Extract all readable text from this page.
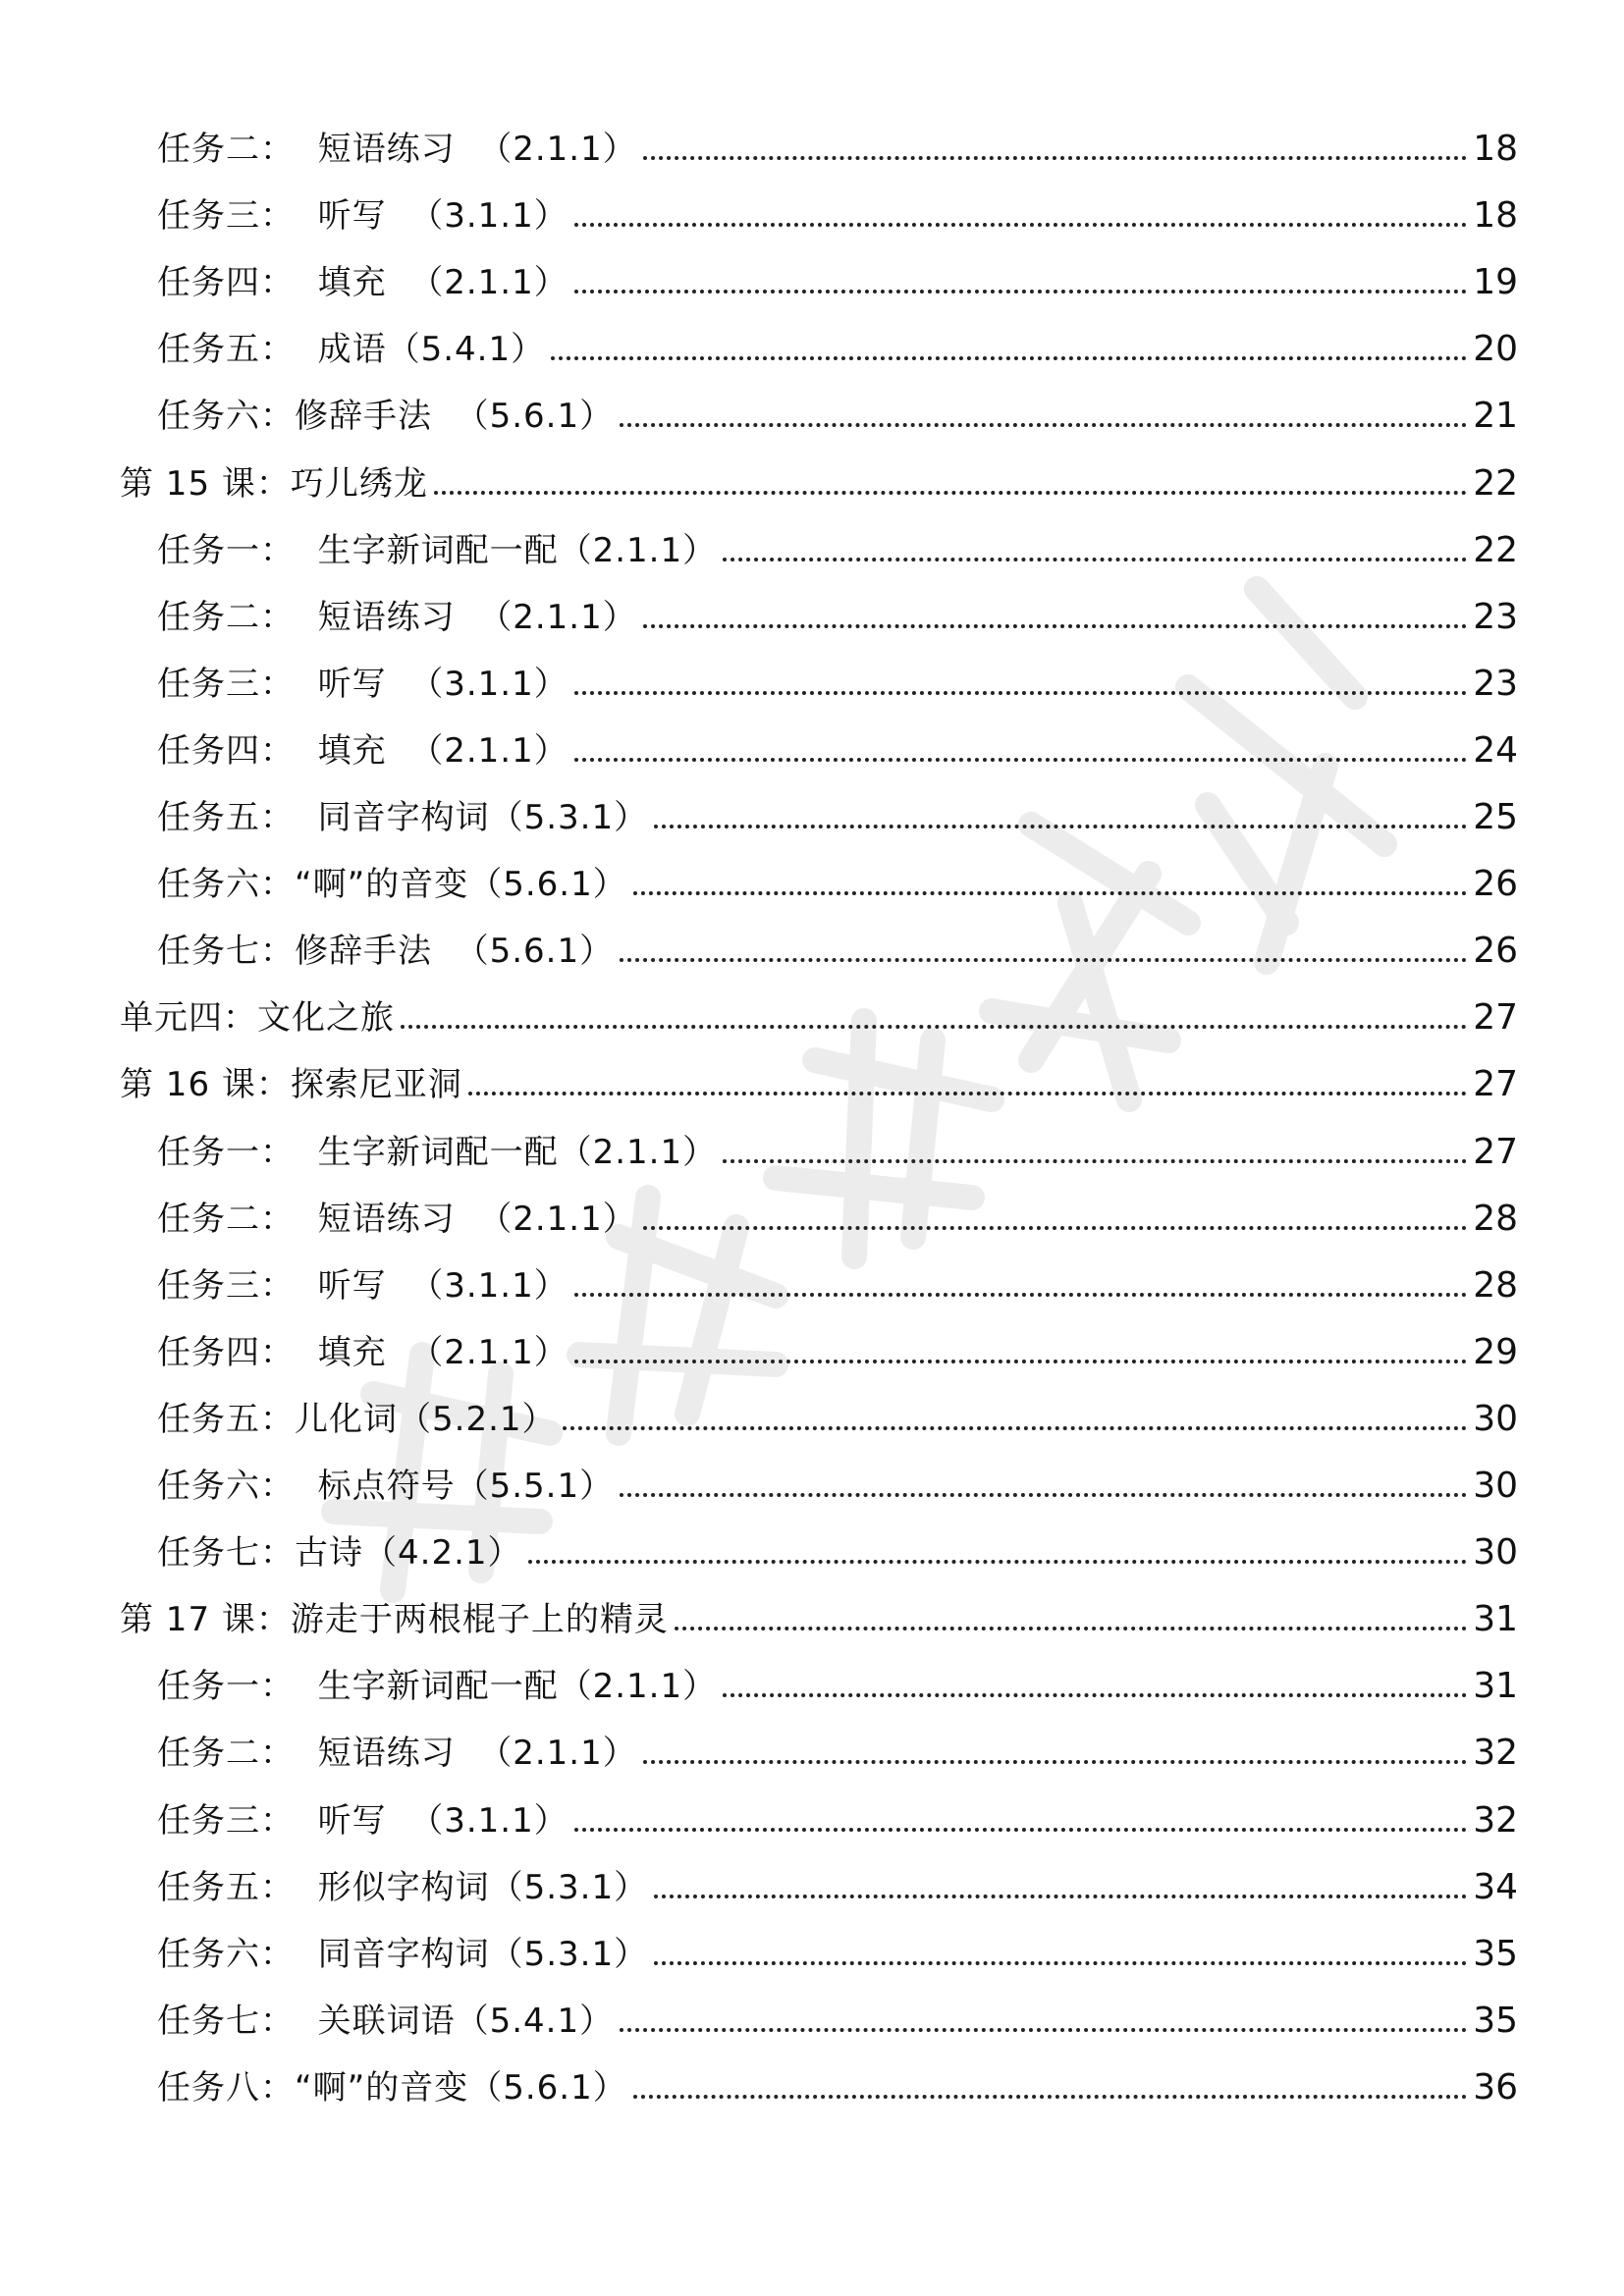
任务二：  短语练习  （2.1.1）	18
任务三：  听写  （3.1.1）	18
任务四：  填充  （2.1.1）	19
任务五：  成语（5.4.1）	20
任务六：修辞手法  （5.6.1）	21
第 15 课：巧儿绣龙	22
任务一：  生字新词配一配（2.1.1）	22
任务二：  短语练习  （2.1.1）	23
任务三：  听写  （3.1.1）	23
任务四：  填充  （2.1.1）	24
任务五：  同音字构词（5.3.1）	25
任务六：“啊”的音变（5.6.1）	26
任务七：修辞手法  （5.6.1）	26
单元四：文化之旅	27
第 16 课：探索尼亚洞	27
任务一：  生字新词配一配（2.1.1）	27
任务二：  短语练习  （2.1.1）	28
任务三：  听写  （3.1.1）	28
任务四：  填充  （2.1.1）	29
任务五：儿化词（5.2.1）	30
任务六：  标点符号（5.5.1）	30
任务七：古诗（4.2.1）	30
第 17 课：游走于两根棍子上的精灵	31
任务一：  生字新词配一配（2.1.1）	31
任务二：  短语练习  （2.1.1）	32
任务三：  听写  （3.1.1）	32
任务五：  形似字构词（5.3.1）	34
任务六：  同音字构词（5.3.1）	35
任务七：  关联词语（5.4.1）	35
任务八：“啊”的音变（5.6.1）	36
